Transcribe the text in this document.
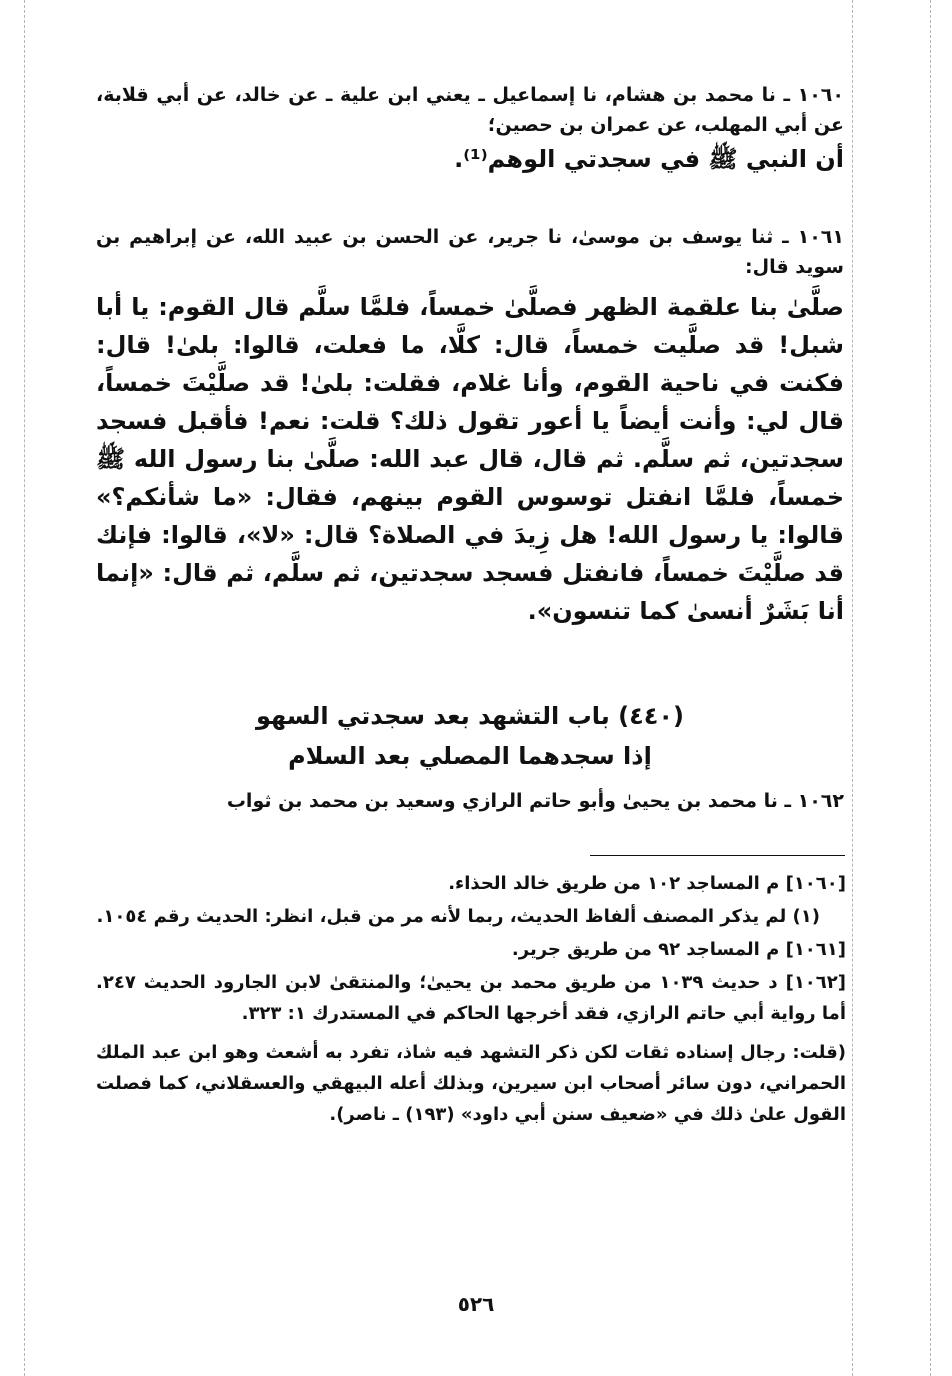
١٠٦٠ ـ نا محمد بن هشام، نا إسماعيل ـ يعني ابن علية ـ عن خالد، عن أبي قلابة، عن أبي المهلب، عن عمران بن حصين؛

أن النبي ﷺ في سجدتي الوهم⁽¹⁾.

١٠٦١ ـ ثنا يوسف بن موسىٰ، نا جرير، عن الحسن بن عبيد الله، عن إبراهيم بن سويد قال:

صلَّىٰ بنا علقمة الظهر فصلَّىٰ خمساً، فلمَّا سلَّم قال القوم: يا أبا شبل! قد صلَّيت خمساً، قال: كلَّا، ما فعلت، قالوا: بلىٰ! قال: فكنت في ناحية القوم، وأنا غلام، فقلت: بلىٰ! قد صلَّيْتَ خمساً، قال لي: وأنت أيضاً يا أعور تقول ذلك؟ قلت: نعم! فأقبل فسجد سجدتين، ثم سلَّم. ثم قال، قال عبد الله: صلَّىٰ بنا رسول الله ﷺ خمساً، فلمَّا انفتل توسوس القوم بينهم، فقال: «ما شأنكم؟» قالوا: يا رسول الله! هل زِيدَ في الصلاة؟ قال: «لا»، قالوا: فإنك قد صلَّيْتَ خمساً، فانفتل فسجد سجدتين، ثم سلَّم، ثم قال: «إنما أنا بَشَرٌ أنسىٰ كما تنسون».

(٤٤٠) باب التشهد بعد سجدتي السهو
إذا سجدهما المصلي بعد السلام

١٠٦٢ ـ نا محمد بن يحيىٰ وأبو حاتم الرازي وسعيد بن محمد بن ثواب

[١٠٦٠] م المساجد ١٠٢ من طريق خالد الحذاء.

(١) لم يذكر المصنف ألفاظ الحديث، ربما لأنه مر من قبل، انظر: الحديث رقم ١٠٥٤.

[١٠٦١] م المساجد ٩٢ من طريق جرير.

[١٠٦٢] د حديث ١٠٣٩ من طريق محمد بن يحيىٰ؛ والمنتقىٰ لابن الجارود الحديث ٢٤٧. أما رواية أبي حاتم الرازي، فقد أخرجها الحاكم في المستدرك ١: ٣٢٣.

(قلت: رجال إسناده ثقات لكن ذكر التشهد فيه شاذ، تفرد به أشعث وهو ابن عبد الملك الحمراني، دون سائر أصحاب ابن سيرين، وبذلك أعله البيهقي والعسقلاني، كما فصلت القول علىٰ ذلك في «ضعيف سنن أبي داود» (١٩٣) ـ ناصر).

٥٢٦
